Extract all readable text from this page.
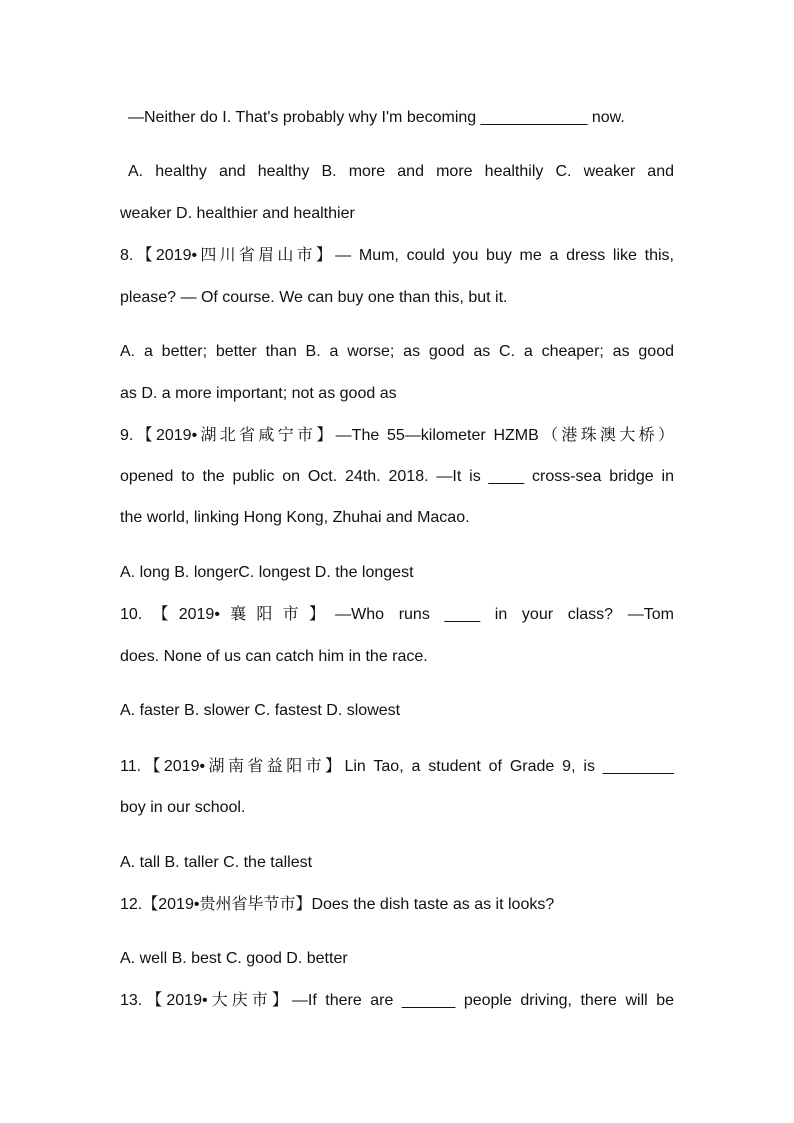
—Neither do I. That's probably why I'm becoming ____________ now.
A. healthy and healthy B. more and more healthily C. weaker and
weaker D. healthier and healthier
8.【2019•四川省眉山市】— Mum, could you buy me a dress like this,
please? — Of course. We can buy one than this, but it.
A. a better; better than B. a worse; as good as C. a cheaper; as good
as D. a more important; not as good as
9.【2019•湖北省咸宁市】—The 55—kilometer HZMB（港珠澳大桥）
opened to the public on Oct. 24th. 2018. —It is ____ cross-sea bridge in
the world, linking Hong Kong, Zhuhai and Macao.
A. long B. longerC. longest D. the longest
10.【2019•襄阳市】—Who runs ____ in your class? —Tom
does. None of us can catch him in the race.
A. faster B. slower C. fastest D. slowest
11.【2019•湖南省益阳市】Lin Tao, a student of Grade 9, is ________
boy in our school.
A. tall B. taller C. the tallest
12.【2019•贵州省毕节市】Does the dish taste as as it looks?
A. well B. best C. good D. better
13.【2019•大庆市】—If there are ______ people driving, there will be
